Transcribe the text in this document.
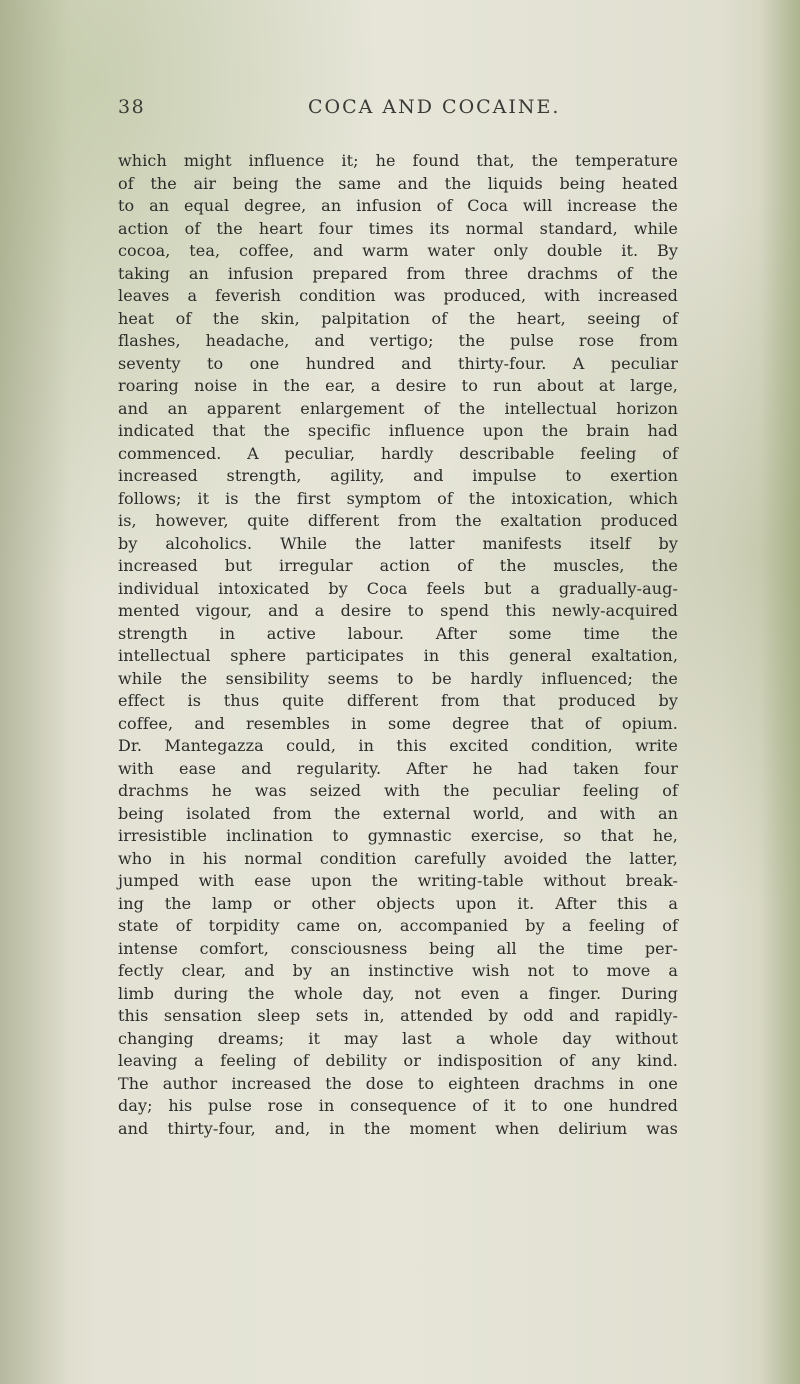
38	COCA AND COCAINE.
which might influence it; he found that, the temperature
of the air being the same and the liquids being heated
to an equal degree, an infusion of Coca will increase the
action of the heart four times its normal standard, while
cocoa, tea, coffee, and warm water only double it. By
taking an infusion prepared from three drachms of the
leaves a feverish condition was produced, with increased
heat of the skin, palpitation of the heart, seeing of
flashes, headache, and vertigo; the pulse rose from
seventy to one hundred and thirty-four. A peculiar
roaring noise in the ear, a desire to run about at large,
and an apparent enlargement of the intellectual horizon
indicated that the specific influence upon the brain had
commenced. A peculiar, hardly describable feeling of
increased strength, agility, and impulse to exertion
follows; it is the first symptom of the intoxication, which
is, however, quite different from the exaltation produced
by alcoholics. While the latter manifests itself by
increased but irregular action of the muscles, the
individual intoxicated by Coca feels but a gradually-aug-
mented vigour, and a desire to spend this newly-acquired
strength in active labour. After some time the
intellectual sphere participates in this general exaltation,
while the sensibility seems to be hardly influenced; the
effect is thus quite different from that produced by
coffee, and resembles in some degree that of opium.
Dr. Mantegazza could, in this excited condition, write
with ease and regularity. After he had taken four
drachms he was seized with the peculiar feeling of
being isolated from the external world, and with an
irresistible inclination to gymnastic exercise, so that he,
who in his normal condition carefully avoided the latter,
jumped with ease upon the writing-table without break-
ing the lamp or other objects upon it. After this a
state of torpidity came on, accompanied by a feeling of
intense comfort, consciousness being all the time per-
fectly clear, and by an instinctive wish not to move a
limb during the whole day, not even a finger. During
this sensation sleep sets in, attended by odd and rapidly-
changing dreams; it may last a whole day without
leaving a feeling of debility or indisposition of any kind.
The author increased the dose to eighteen drachms in one
day; his pulse rose in consequence of it to one hundred
and thirty-four, and, in the moment when delirium was
